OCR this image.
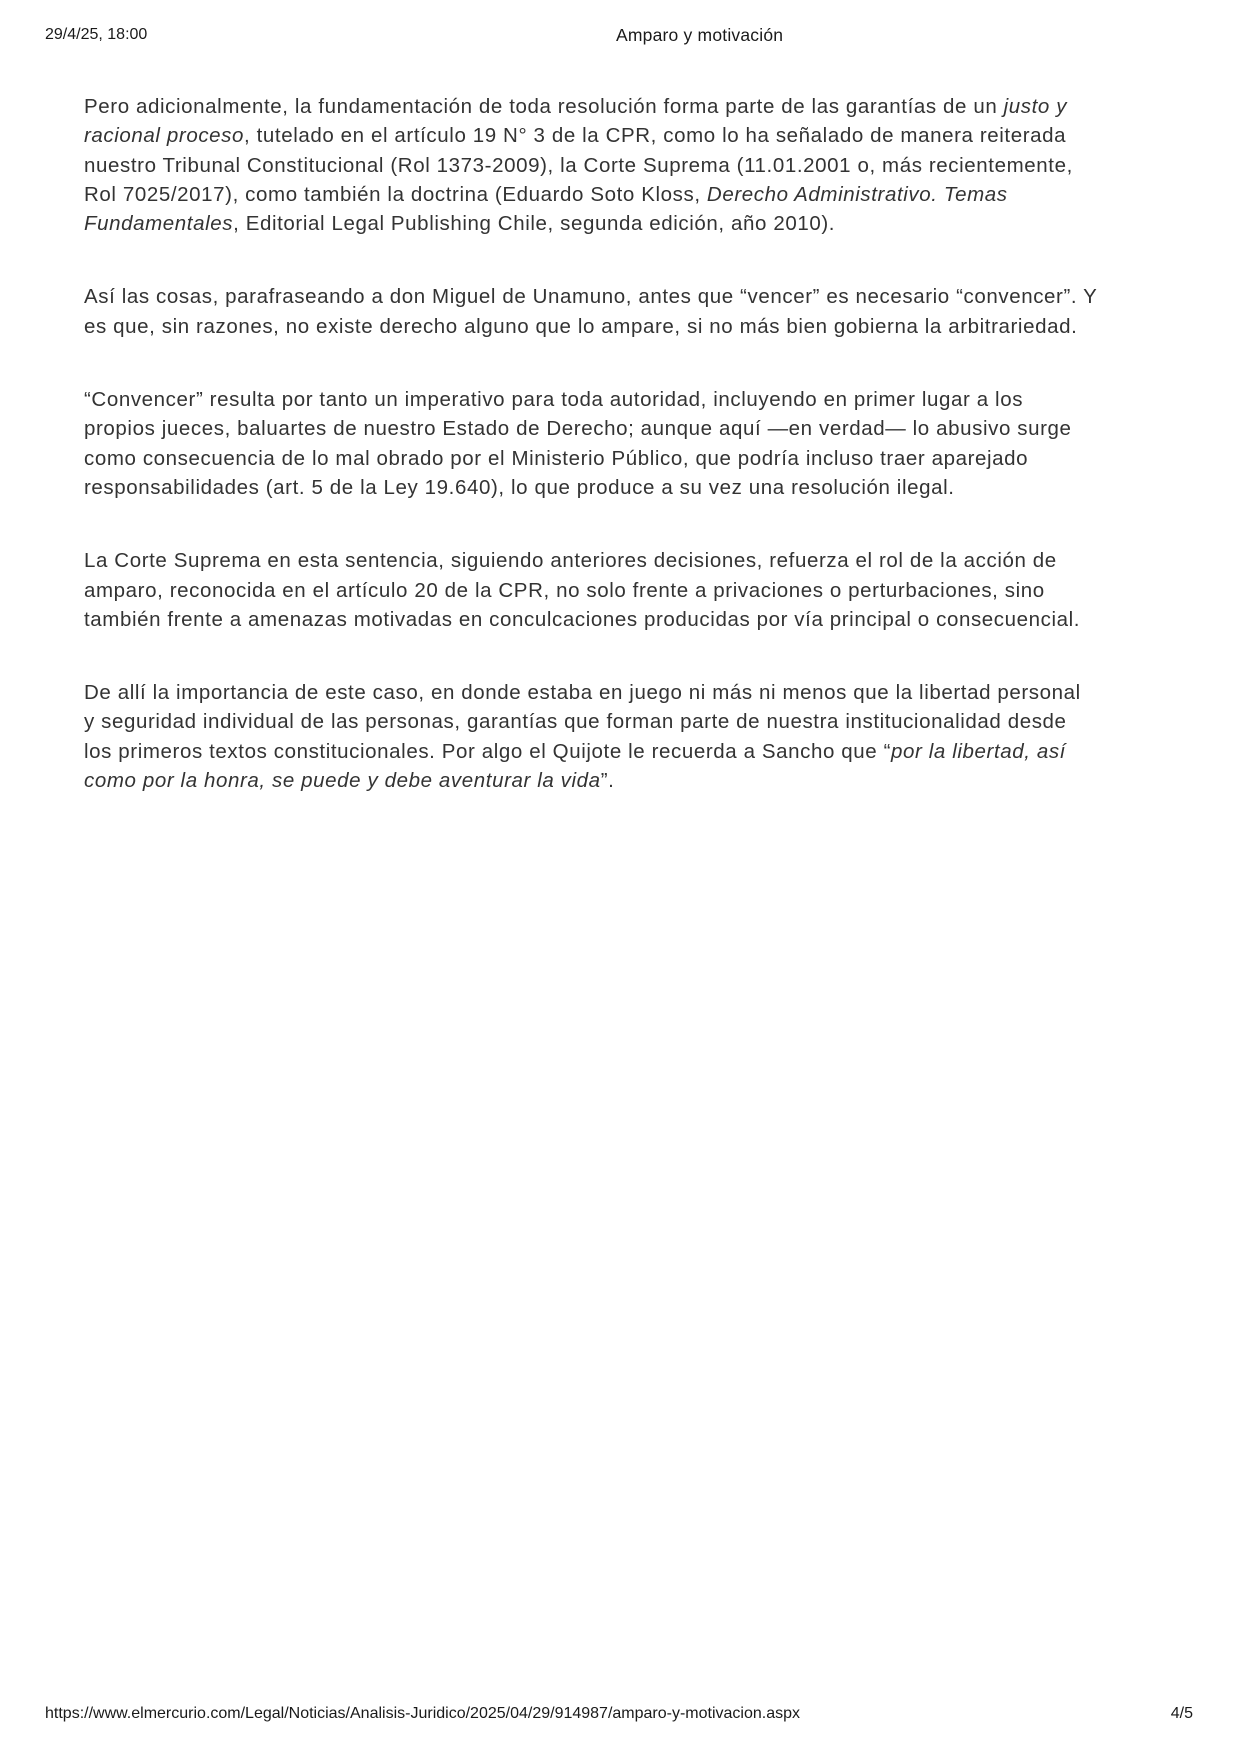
29/4/25, 18:00	Amparo y motivación

Pero adicionalmente, la fundamentación de toda resolución forma parte de las garantías de un justo y
racional proceso, tutelado en el artículo 19 N° 3 de la CPR, como lo ha señalado de manera reiterada
nuestro Tribunal Constitucional (Rol 1373-2009), la Corte Suprema (11.01.2001 o, más recientemente,
Rol 7025/2017), como también la doctrina (Eduardo Soto Kloss, Derecho Administrativo. Temas
Fundamentales, Editorial Legal Publishing Chile, segunda edición, año 2010).

Así las cosas, parafraseando a don Miguel de Unamuno, antes que “vencer” es necesario “convencer”. Y
es que, sin razones, no existe derecho alguno que lo ampare, si no más bien gobierna la arbitrariedad.

“Convencer” resulta por tanto un imperativo para toda autoridad, incluyendo en primer lugar a los
propios jueces, baluartes de nuestro Estado de Derecho; aunque aquí —en verdad— lo abusivo surge
como consecuencia de lo mal obrado por el Ministerio Público, que podría incluso traer aparejado
responsabilidades (art. 5 de la Ley 19.640), lo que produce a su vez una resolución ilegal.

La Corte Suprema en esta sentencia, siguiendo anteriores decisiones, refuerza el rol de la acción de
amparo, reconocida en el artículo 20 de la CPR, no solo frente a privaciones o perturbaciones, sino
también frente a amenazas motivadas en conculcaciones producidas por vía principal o consecuencial.

De allí la importancia de este caso, en donde estaba en juego ni más ni menos que la libertad personal
y seguridad individual de las personas, garantías que forman parte de nuestra institucionalidad desde
los primeros textos constitucionales. Por algo el Quijote le recuerda a Sancho que “por la libertad, así
como por la honra, se puede y debe aventurar la vida”.

https://www.elmercurio.com/Legal/Noticias/Analisis-Juridico/2025/04/29/914987/amparo-y-motivacion.aspx	4/5
